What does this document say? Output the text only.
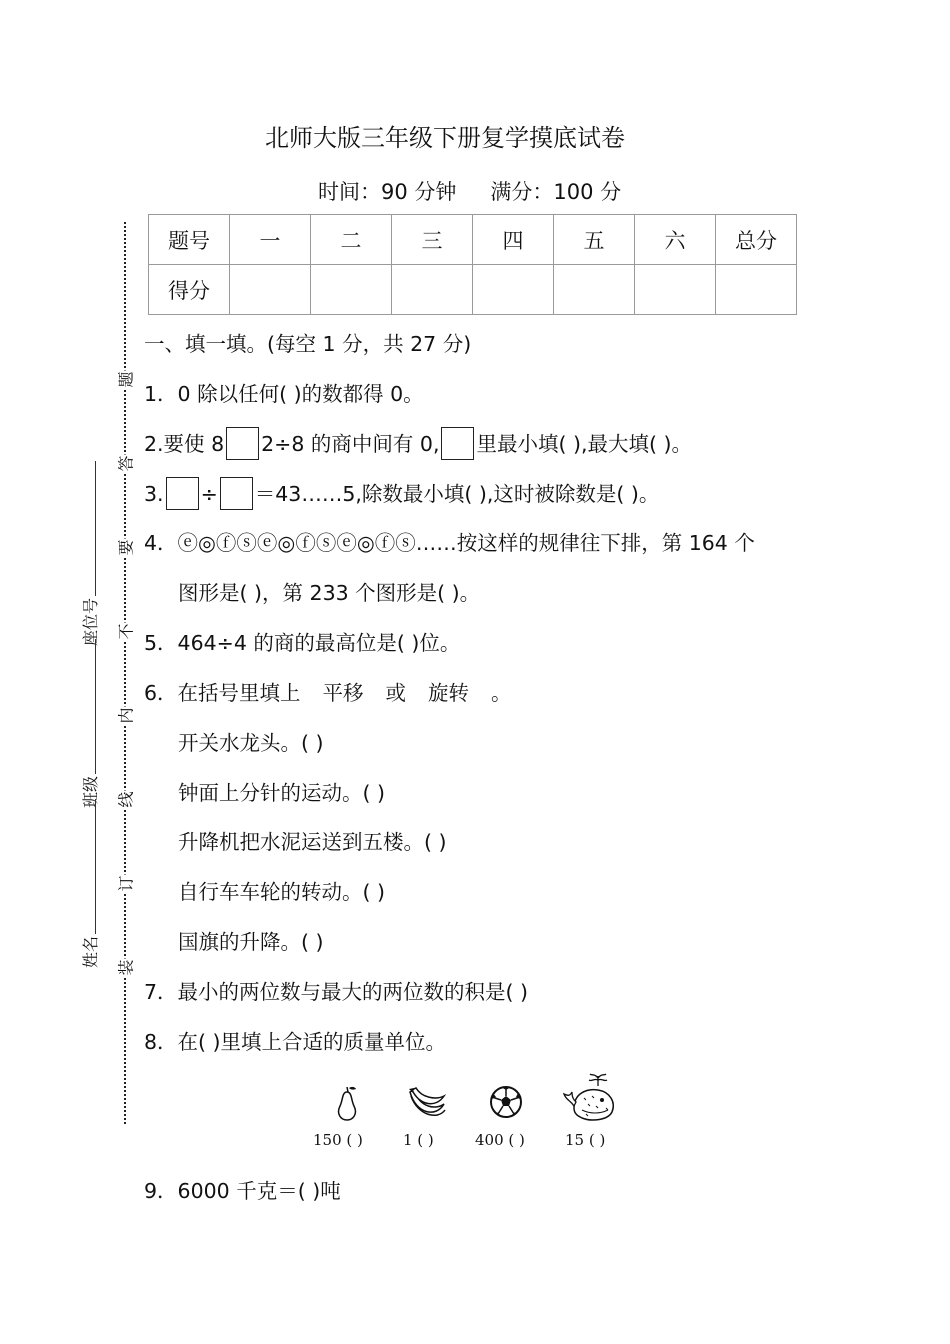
北师大版三年级下册复学摸底试卷
时间：90 分钟 满分：100 分
题号	一	二	三	四	五	六	总分
得分							
题
答
要
不
内
线
订
装
座位号
班级
姓名
一、填一填。(每空 1 分，共 27 分)
1．0 除以任何( )的数都得 0。
2.要使 8 2÷8 的商中间有 0, 里最小填( ),最大填( )。
3. ÷ ＝43……5,除数最小填( ),这时被除数是( )。
4．ⓔ◎ⓕⓢⓔ◎ⓕⓢⓔ◎ⓕⓢ……按这样的规律往下排，第 164 个
图形是( )，第 233 个图形是( )。
5．464÷4 的商的最高位是( )位。
6．在括号里填上 平移 或 旋转 。
开关水龙头。( )
钟面上分针的运动。( )
升降机把水泥运送到五楼。( )
自行车车轮的转动。( )
国旗的升降。( )
7．最小的两位数与最大的两位数的积是( )
8．在( )里填上合适的质量单位。
150 ( )	1 ( )	400 ( )	15 ( )
9．6000 千克＝( )吨
